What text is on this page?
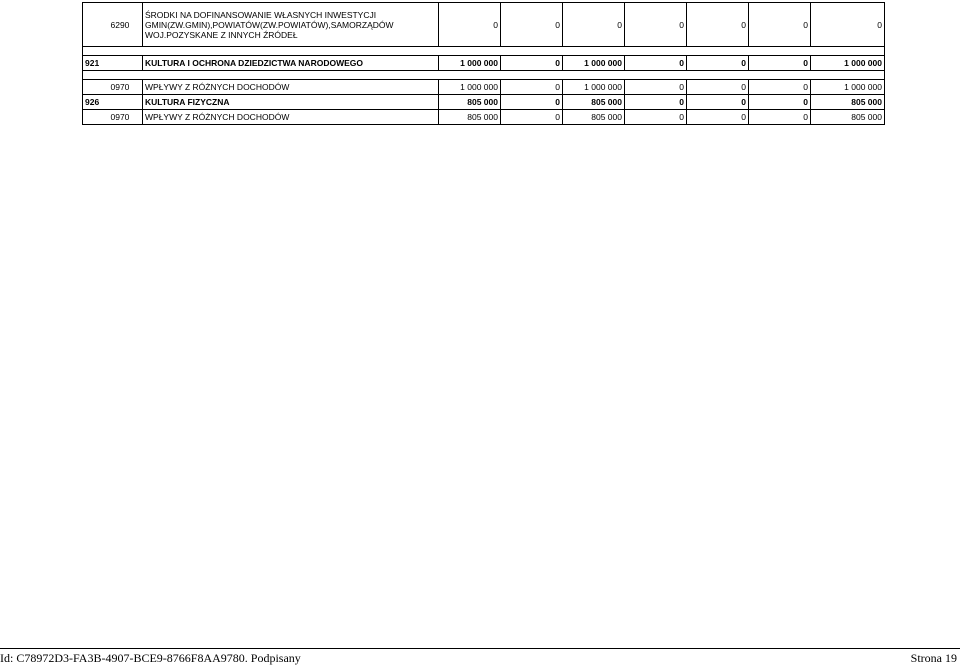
	6290	ŚRODKI NA DOFINANSOWANIE WŁASNYCH INWESTYCJI GMIN(ZW.GMIN),POWIATÓW(ZW.POWIATÓW),SAMORZĄDÓW WOJ.POZYSKANE Z INNYCH ŹRÓDEŁ	0	0	0	0	0	0	0

921		KULTURA I OCHRONA DZIEDZICTWA NARODOWEGO	1 000 000	0	1 000 000	0	0	0	1 000 000

	0970	WPŁYWY Z RÓŻNYCH DOCHODÓW	1 000 000	0	1 000 000	0	0	0	1 000 000
926		KULTURA FIZYCZNA	805 000	0	805 000	0	0	0	805 000
	0970	WPŁYWY Z RÓŻNYCH DOCHODÓW	805 000	0	805 000	0	0	0	805 000
Id: C78972D3-FA3B-4907-BCE9-8766F8AA9780. Podpisany	Strona 19
